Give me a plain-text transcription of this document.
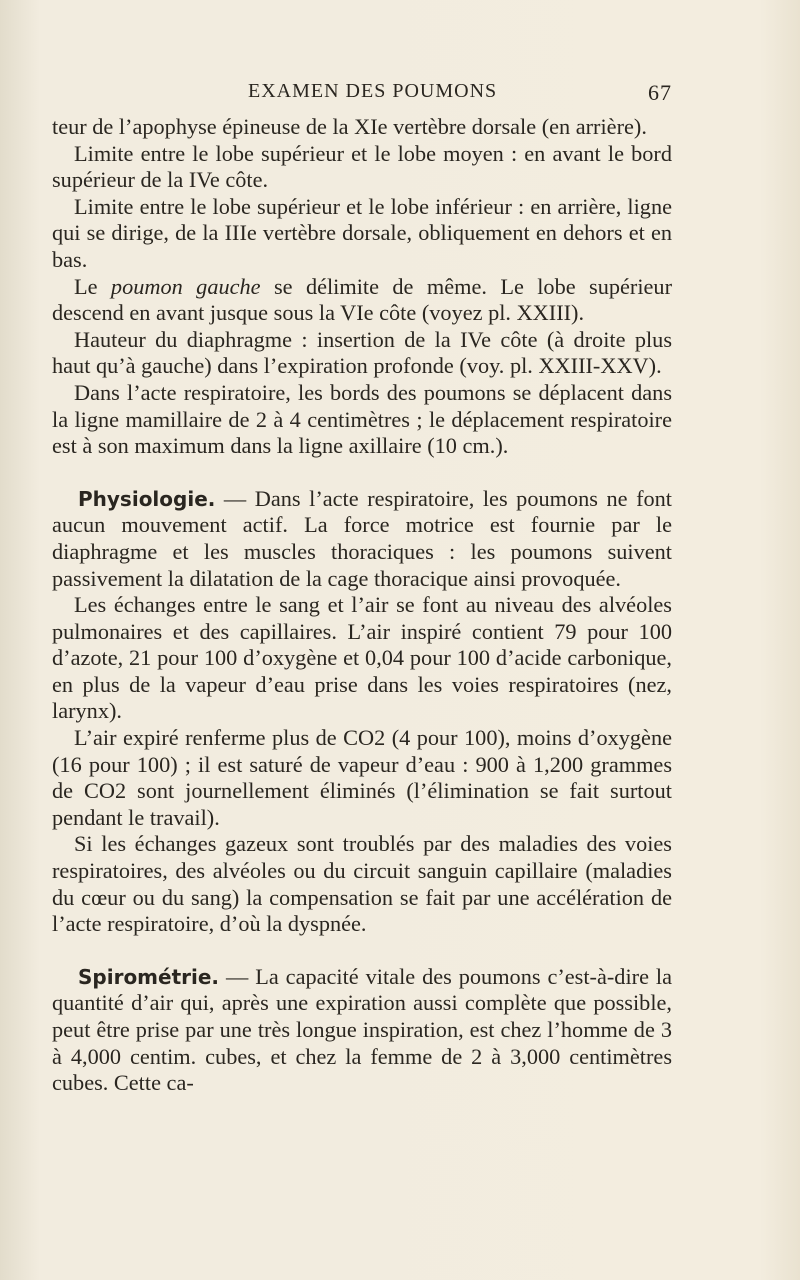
EXAMEN DES POUMONS	67

teur de l’apophyse épineuse de la XIe vertèbre dorsale (en arrière).

Limite entre le lobe supérieur et le lobe moyen : en avant le bord supérieur de la IVe côte.

Limite entre le lobe supérieur et le lobe inférieur : en arrière, ligne qui se dirige, de la IIIe vertèbre dorsale, obliquement en dehors et en bas.

Le poumon gauche se délimite de même. Le lobe supérieur descend en avant jusque sous la VIe côte (voyez pl. XXIII).

Hauteur du diaphragme : insertion de la IVe côte (à droite plus haut qu’à gauche) dans l’expiration profonde (voy. pl. XXIII-XXV).

Dans l’acte respiratoire, les bords des poumons se déplacent dans la ligne mamillaire de 2 à 4 centimètres ; le déplacement respiratoire est à son maximum dans la ligne axillaire (10 cm.).

Physiologie. — Dans l’acte respiratoire, les poumons ne font aucun mouvement actif. La force motrice est fournie par le diaphragme et les muscles thoraciques : les poumons suivent passivement la dilatation de la cage thoracique ainsi provoquée.

Les échanges entre le sang et l’air se font au niveau des alvéoles pulmonaires et des capillaires. L’air inspiré contient 79 pour 100 d’azote, 21 pour 100 d’oxygène et 0,04 pour 100 d’acide carbonique, en plus de la vapeur d’eau prise dans les voies respiratoires (nez, larynx).

L’air expiré renferme plus de CO2 (4 pour 100), moins d’oxygène (16 pour 100) ; il est saturé de vapeur d’eau : 900 à 1,200 grammes de CO2 sont journellement éliminés (l’élimination se fait surtout pendant le travail).

Si les échanges gazeux sont troublés par des maladies des voies respiratoires, des alvéoles ou du circuit sanguin capillaire (maladies du cœur ou du sang) la compensation se fait par une accélération de l’acte respiratoire, d’où la dyspnée.

Spirométrie. — La capacité vitale des poumons c’est-à-dire la quantité d’air qui, après une expiration aussi complète que possible, peut être prise par une très longue inspiration, est chez l’homme de 3 à 4,000 centim. cubes, et chez la femme de 2 à 3,000 centimètres cubes. Cette ca-
